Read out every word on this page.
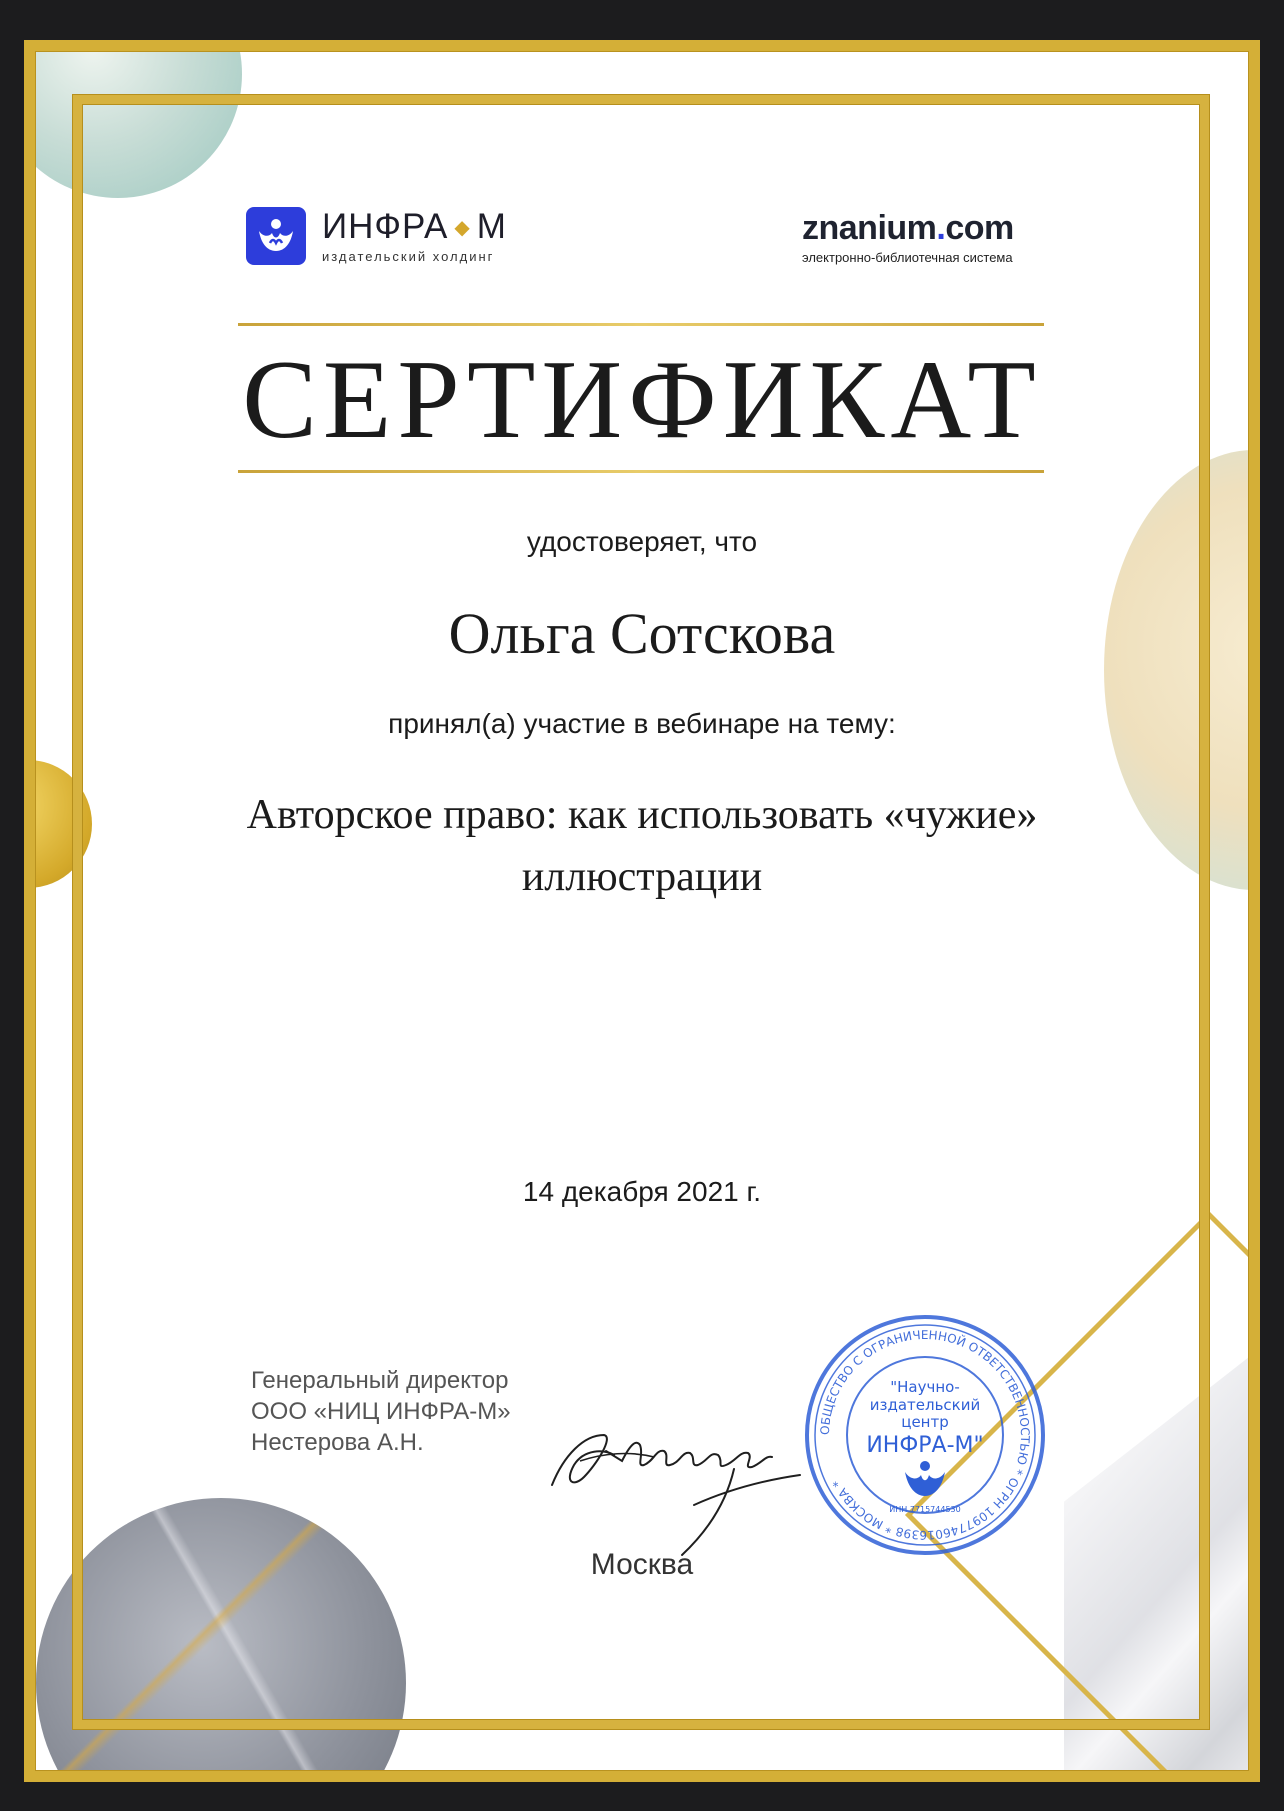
ИНФРА ◆ М
издательский холдинг
znanium.com
электронно-библиотечная система
СЕРТИФИКАТ
удостоверяет, что
Ольга Сотскова
принял(а) участие в вебинаре на тему:
Авторское право: как использовать «чужие»
иллюстрации
14 декабря 2021 г.
Генеральный директор
ООО «НИЦ ИНФРА-М»
Нестерова А.Н.	ОБЩЕСТВО С ОГРАНИЧЕННОЙ ОТВЕТСТВЕННОСТЬЮ * ОГРН 1097746016398 * МОСКВА *
"Научно-
издательский
центр
ИНФРА-М"
ИНН 7715744530
Москва
